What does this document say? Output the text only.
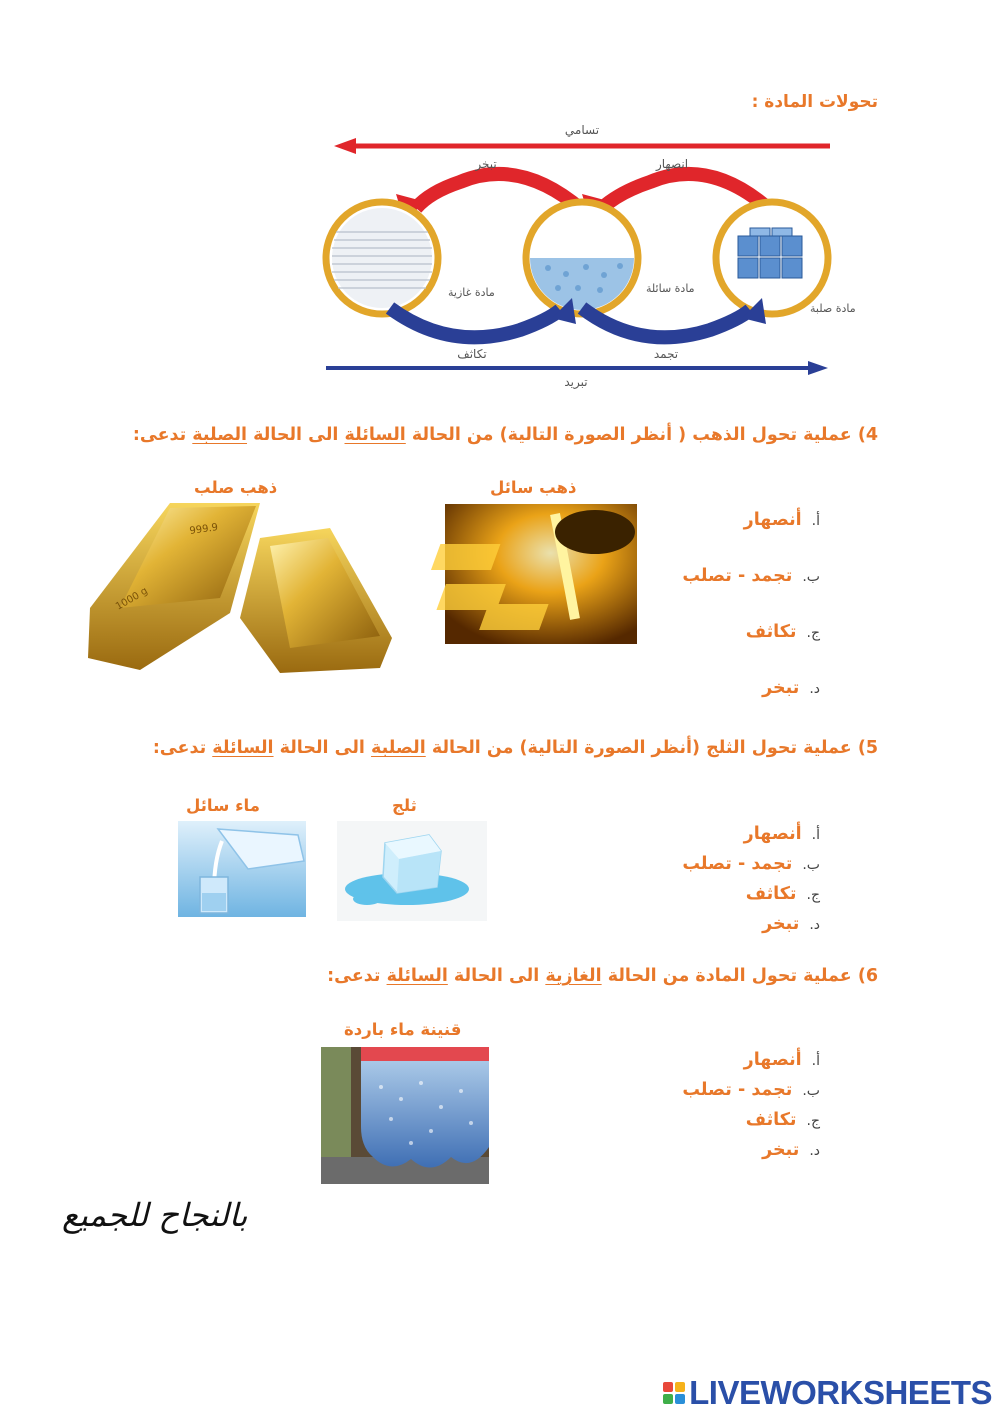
تحولات المادة :
تسامي
انصهار
تبخر
مادة غازية	مادة سائلة
مادة صلبة
تكاثف	تجمد
تبريد
4) عملية تحول الذهب ( أنظر الصورة التالية) من الحالة السائلة الى الحالة الصلبة تدعى:
ذهب صلب	ذهب سائل
999.9
1000 g
أ.
أنصهار
ب.
تجمد - تصلب
ج.
تكاثف
د.
تبخر
5) عملية تحول الثلج (أنظر الصورة التالية) من الحالة الصلبة الى الحالة السائلة تدعى:
ماء سائل	ثلج
أ.
أنصهار
ب.
تجمد - تصلب
ج.
تكاثف
د.
تبخر
6) عملية تحول المادة من الحالة الغازية الى الحالة السائلة تدعى:
قنينة ماء باردة
أ.
أنصهار
ب.
تجمد - تصلب
ج.
تكاثف
د.
تبخر
بالنجاح للجميع
LIVEWORKSHEETS
